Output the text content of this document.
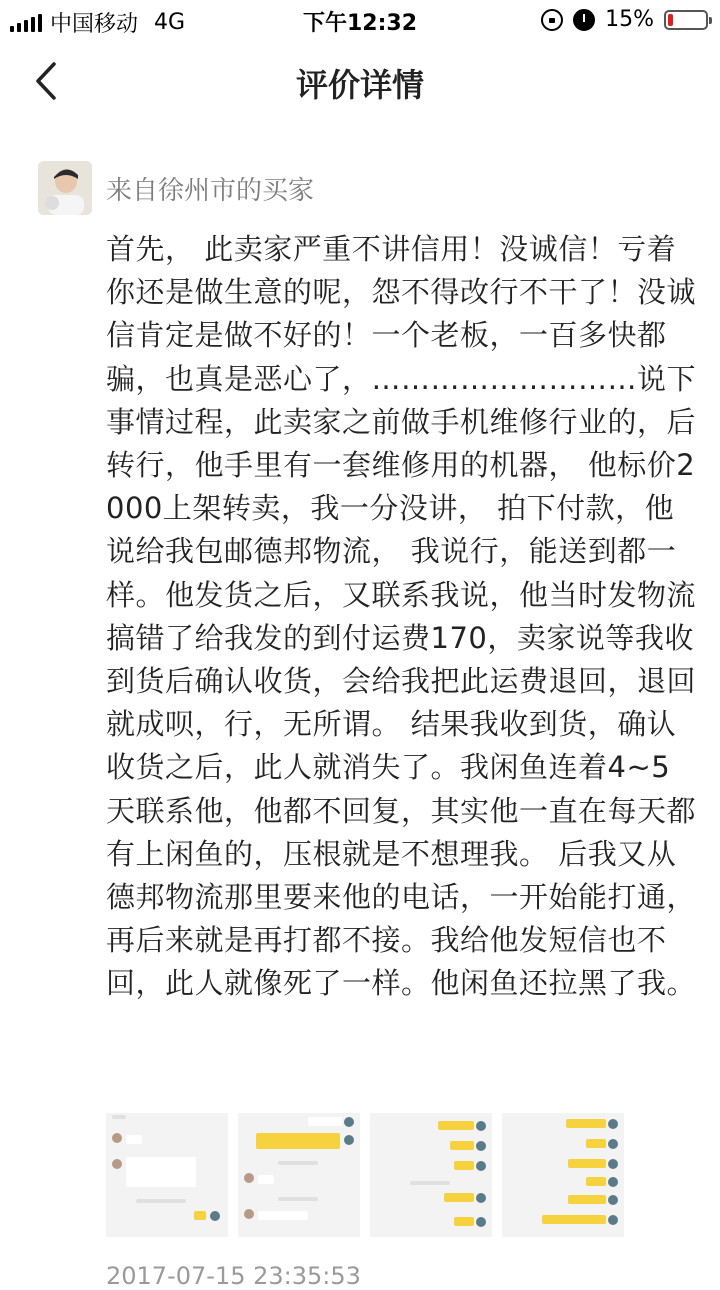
中国移动 4G	下午12:32	15%
评价详情
来自徐州市的买家
首先， 此卖家严重不讲信用！没诚信！亏着你还是做生意的呢，怨不得改行不干了！没诚信肯定是做不好的！一个老板，一百多快都骗，也真是恶心了，………………………说下事情过程，此卖家之前做手机维修行业的，后转行，他手里有一套维修用的机器， 他标价2000上架转卖，我一分没讲， 拍下付款，他说给我包邮德邦物流， 我说行，能送到都一样。他发货之后，又联系我说，他当时发物流搞错了给我发的到付运费170，卖家说等我收到货后确认收货，会给我把此运费退回，退回就成呗，行，无所谓。 结果我收到货，确认收货之后，此人就消失了。我闲鱼连着4~5天联系他，他都不回复，其实他一直在每天都有上闲鱼的，压根就是不想理我。 后我又从德邦物流那里要来他的电话，一开始能打通， 再后来就是再打都不接。我给他发短信也不回，此人就像死了一样。他闲鱼还拉黑了我。
2017-07-15 23:35:53
